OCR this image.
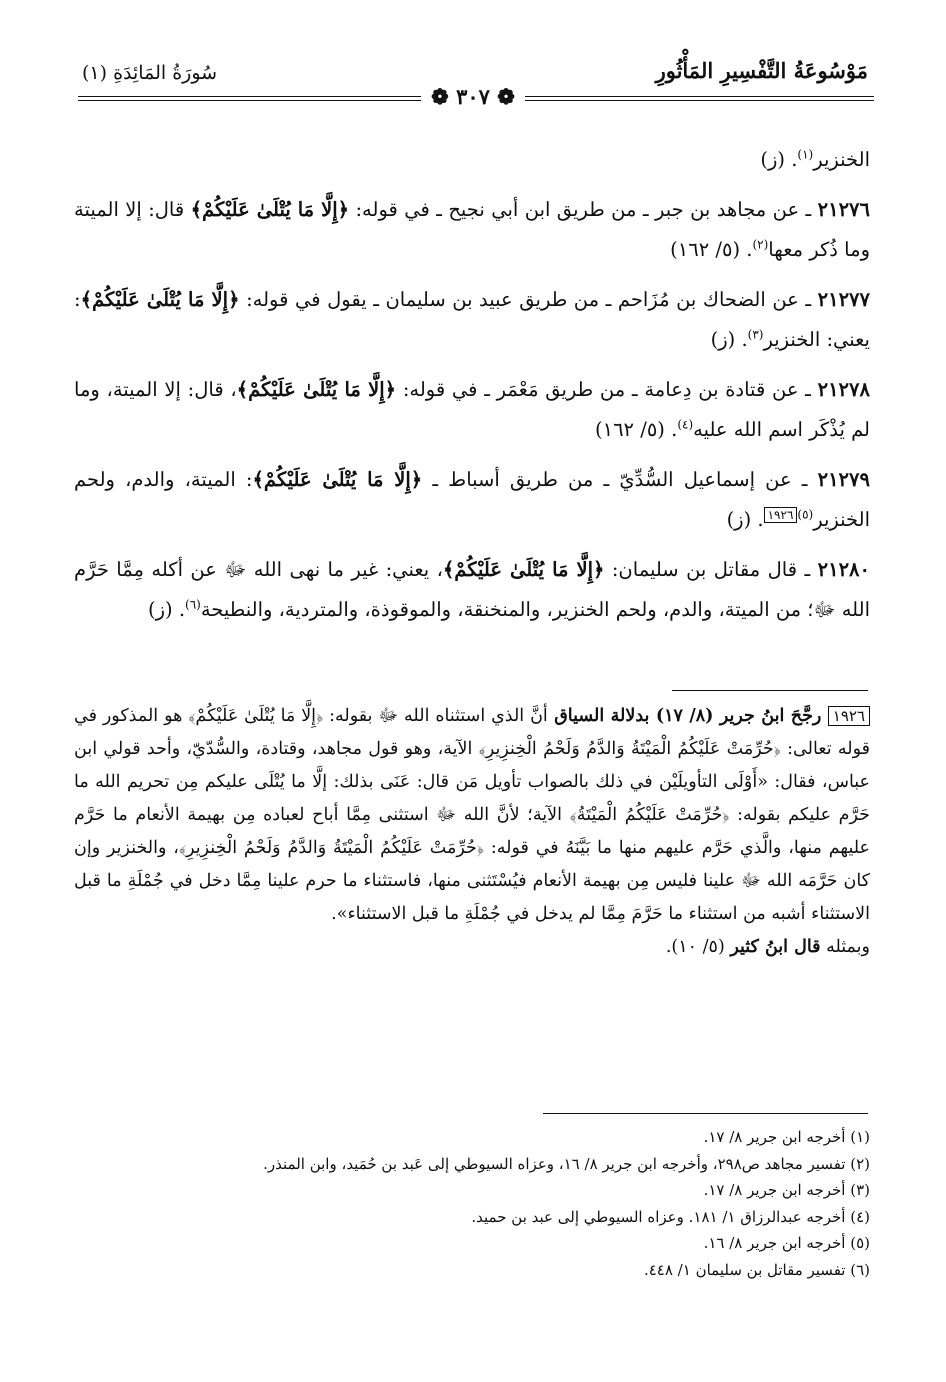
مَوْسُوعَةُ التَّفْسِيرِ المَأْثُورِ
سُورَةُ المَائِدَةِ (١)
❁ ۳۰۷ ❁

الخنزير$^{(١)}$. (ز)

٢١٢٧٦ ـ عن مجاهد بن جبر ـ من طريق ابن أبي نجيح ـ في قوله: ﴿إِلَّا مَا يُتْلَىٰ عَلَيْكُمْ﴾ قال: إلا الميتة وما ذُكر معها$^{(٢)}$. (٥/ ١٦٢)

٢١٢٧٧ ـ عن الضحاك بن مُزَاحم ـ من طريق عبيد بن سليمان ـ يقول في قوله: ﴿إِلَّا مَا يُتْلَىٰ عَلَيْكُمْ﴾: يعني: الخنزير$^{(٣)}$. (ز)

٢١٢٧٨ ـ عن قتادة بن دِعامة ـ من طريق مَعْمَر ـ في قوله: ﴿إِلَّا مَا يُتْلَىٰ عَلَيْكُمْ﴾، قال: إلا الميتة، وما لم يُذْكَر اسم الله عليه$^{(٤)}$. (٥/ ١٦٢)

٢١٢٧٩ ـ عن إسماعيل السُّدِّيّ ـ من طريق أسباط ـ ﴿إِلَّا مَا يُتْلَىٰ عَلَيْكُمْ﴾: الميتة، والدم، ولحم الخنزير$^{(٥)١٩٢٦}$. (ز)

٢١٢٨٠ ـ قال مقاتل بن سليمان: ﴿إِلَّا مَا يُتْلَىٰ عَلَيْكُمْ﴾، يعني: غير ما نهى الله ﷻ عن أكله مِمَّا حَرَّم الله ﷻ؛ من الميتة، والدم، ولحم الخنزير، والمنخنقة، والموقوذة، والمتردية، والنطيحة$^{(٦)}$. (ز)

١٩٢٦ رجَّحَ ابنُ جرير (٨/ ١٧) بدلالة السياق أنَّ الذي استثناه الله ﷻ بقوله: ﴿إِلَّا مَا يُتْلَىٰ عَلَيْكُمْ﴾ هو المذكور في قوله تعالى: ﴿حُرِّمَتْ عَلَيْكُمُ الْمَيْتَةُ وَالدَّمُ وَلَحْمُ الْخِنزِيرِ﴾ الآية، وهو قول مجاهد، وقتادة، والسُّدّيّ، وأحد قولي ابن عباس، فقال: «أَوْلَى التأويلَيْن في ذلك بالصواب تأويل مَن قال: عَنَى بذلك: إلَّا ما يُتْلَى عليكم مِن تحريم الله ما حَرَّم عليكم بقوله: ﴿حُرِّمَتْ عَلَيْكُمُ الْمَيْتَةُ﴾ الآية؛ لأنَّ الله ﷻ استثنى مِمَّا أباح لعباده مِن بهيمة الأنعام ما حَرَّم عليهم منها، والَّذي حَرَّم عليهم منها ما بَيَّنَهُ في قوله: ﴿حُرِّمَتْ عَلَيْكُمُ الْمَيْتَةُ وَالدَّمُ وَلَحْمُ الْخِنزِيرِ﴾، والخنزير وإن كان حَرَّمَه الله ﷻ علينا فليس مِن بهيمة الأنعام فيُسْتَثنى منها، فاستثناء ما حرم علينا مِمَّا دخل في جُمْلَةِ ما قبل الاستثناء أشبه من استثناء ما حَرَّمَ مِمَّا لم يدخل في جُمْلَةِ ما قبل الاستثناء».

وبمثله قال ابنُ كثير (٥/ ١٠).

(١) أخرجه ابن جرير ٨/ ١٧.
(٢) تفسير مجاهد ص٢٩٨، وأخرجه ابن جرير ٨/ ١٦، وعزاه السيوطي إلى عَبد بن حُمَيد، وابن المنذر.
(٣) أخرجه ابن جرير ٨/ ١٧.
(٤) أخرجه عبدالرزاق ١/ ١٨١. وعزاه السيوطي إلى عبد بن حميد.
(٥) أخرجه ابن جرير ٨/ ١٦.
(٦) تفسير مقاتل بن سليمان ١/ ٤٤٨.
